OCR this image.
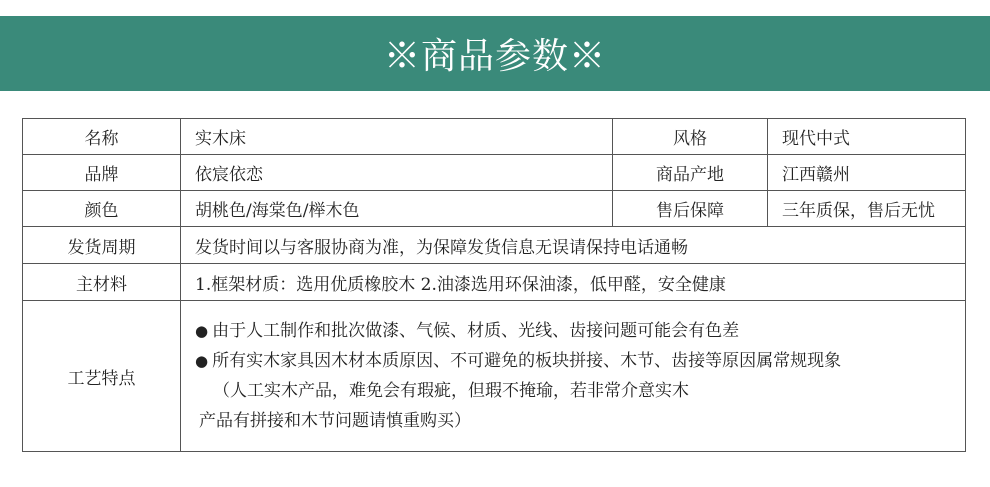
※商品参数※
名称	实木床	风格	现代中式
品牌	依宸依恋	商品产地	江西赣州
颜色	胡桃色/海棠色/榉木色	售后保障	三年质保，售后无忧
发货周期	发货时间以与客服协商为准，为保障发货信息无误请保持电话通畅		
主材料	1.框架材质：选用优质橡胶木 2.油漆选用环保油漆，低甲醛，安全健康		
工艺特点	● 由于人工制作和批次做漆、气候、材质、光线、齿接问题可能会有色差
● 所有实木家具因木材本质原因、不可避免的板块拼接、木节、齿接等原因属常规现象
（人工实木产品，难免会有瑕疵，但瑕不掩瑜，若非常介意实木
产品有拼接和木节问题请慎重购买）		
